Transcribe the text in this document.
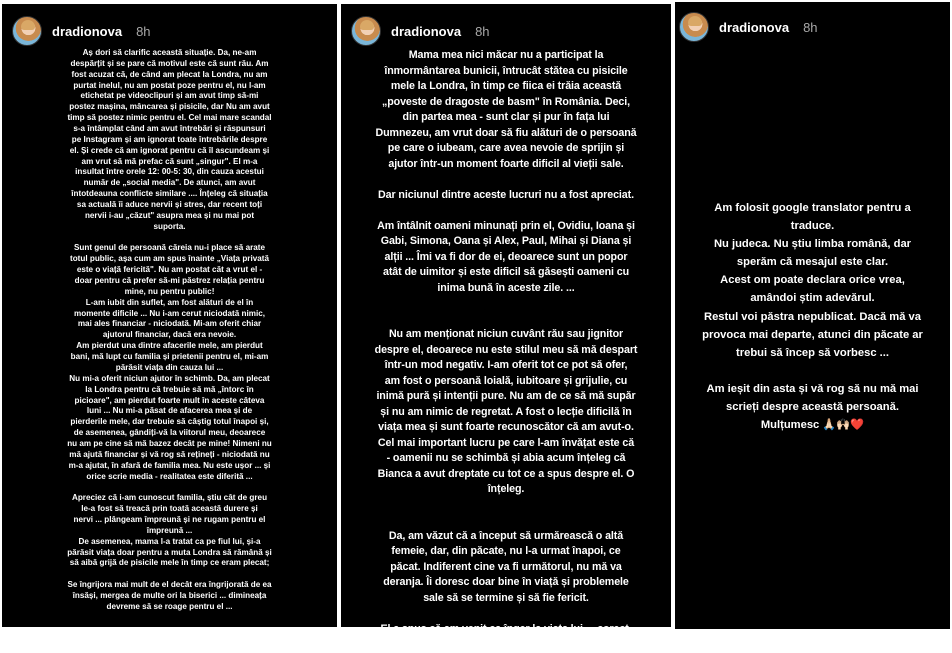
dradionova 8h

Aș dori să clarific această situație. Da, ne-am
despărțit și se pare că motivul este că sunt rău. Am
fost acuzat că, de când am plecat la Londra, nu am
purtat inelul, nu am postat poze pentru el, nu l-am
etichetat pe videoclipuri și am avut timp să-mi
postez mașina, mâncarea și pisicile, dar Nu am avut
timp să postez nimic pentru el. Cel mai mare scandal
s-a întâmplat când am avut întrebări și răspunsuri
pe Instagram și am ignorat toate întrebările despre
el. Și crede că am ignorat pentru că îl ascundeam și
am vrut să mă prefac că sunt „singur". El m-a
insultat între orele 12: 00-5: 30, din cauza acestui
număr de „social media". De atunci, am avut
întotdeauna conflicte similare .... Înțeleg că situația
sa actuală îi aduce nervii și stres, dar recent toți
nervii i-au „căzut" asupra mea și nu mai pot
suporta.

Sunt genul de persoană căreia nu-i place să arate
totul public, așa cum am spus înainte „Viața privată
este o viață fericită". Nu am postat căt a vrut el -
doar pentru că prefer să-mi păstrez relația pentru
mine, nu pentru public!
L-am iubit din suflet, am fost alături de el în
momente dificile ... Nu i-am cerut niciodată nimic,
mai ales financiar - niciodată. Mi-am oferit chiar
ajutorul financiar, dacă era nevoie.
Am pierdut una dintre afacerile mele, am pierdut
bani, mă lupt cu familia și prietenii pentru el, mi-am
părăsit viața din cauza lui ...
Nu mi-a oferit niciun ajutor în schimb. Da, am plecat
la Londra pentru că trebuie să mă „întorc în
picioare", am pierdut foarte mult în aceste câteva
luni ... Nu mi-a păsat de afacerea mea și de
pierderile mele, dar trebuie să câștig totul înapoi și,
de asemenea, gândiți-vă la viitorul meu, deoarece
nu am pe cine să mă bazez decât pe mine! Nimeni nu
mă ajută financiar și vă rog să rețineți - niciodată nu
m-a ajutat, în afară de familia mea. Nu este ușor ... și
orice scrie media - realitatea este diferită ...

Apreciez că i-am cunoscut familia, știu cât de greu
le-a fost să treacă prin toată această durere și
nervi ... plângeam împreună și ne rugam pentru el
împreună ...
De asemenea, mama l-a tratat ca pe fiul lui, și-a
părăsit viața doar pentru a muta Londra să rămână și
să aibă grijă de pisicile mele în timp ce eram plecat;

Se îngrijora mai mult de el decât era îngrijorată de ea
însăși, mergea de multe ori la biserici ... dimineața
devreme să se roage pentru el ...

dradionova 8h

Mama mea nici măcar nu a participat la
înmormântarea bunicii, întrucât stătea cu pisicile
mele la Londra, în timp ce fiica ei trăia această
„poveste de dragoste de basm" în România. Deci,
din partea mea - sunt clar și pur în fața lui
Dumnezeu, am vrut doar să fiu alături de o persoană
pe care o iubeam, care avea nevoie de sprijin și
ajutor într-un moment foarte dificil al vieții sale.

Dar niciunul dintre aceste lucruri nu a fost apreciat.

Am întâlnit oameni minunați prin el, Ovidiu, Ioana și
Gabi, Simona, Oana și Alex, Paul, Mihai și Diana și
alții ... Îmi va fi dor de ei, deoarece sunt un popor
atât de uimitor și este dificil să găsești oameni cu
inima bună în aceste zile. ...

Nu am menționat niciun cuvânt rău sau jignitor
despre el, deoarece nu este stilul meu să mă despart
într-un mod negativ. I-am oferit tot ce pot să ofer,
am fost o persoană loială, iubitoare și grijulie, cu
inimă pură și intenții pure. Nu am de ce să mă supăr
și nu am nimic de regretat. A fost o lecție dificilă în
viața mea și sunt foarte recunoscător că am avut-o.
Cel mai important lucru pe care l-am învățat este că
- oamenii nu se schimbă și abia acum înțeleg că
Bianca a avut dreptate cu tot ce a spus despre el. O
înțeleg.

Da, am văzut că a început să urmărească o altă
femeie, dar, din păcate, nu l-a urmat înapoi, ce
păcat. Indiferent cine va fi următorul, nu mă va
deranja. Îi doresc doar bine în viață și problemele
sale să se termine și să fie fericit.

El a spus că am venit ca înger la viața lui ... corect,
dar îngerii nu trăiesc în iad, de aceea am plecat.

dradionova 8h

Am folosit google translator pentru a
traduce.
Nu judeca. Nu știu limba română, dar
sperăm că mesajul este clar.
Acest om poate declara orice vrea,
amândoi știm adevărul.
Restul voi păstra nepublicat. Dacă mă va
provoca mai departe, atunci din păcate ar
trebui să încep să vorbesc ...

Am ieșit din asta și vă rog să nu mă mai
scrieți despre această persoană.
Mulțumesc 🙏🏻🙌🏻❤️
